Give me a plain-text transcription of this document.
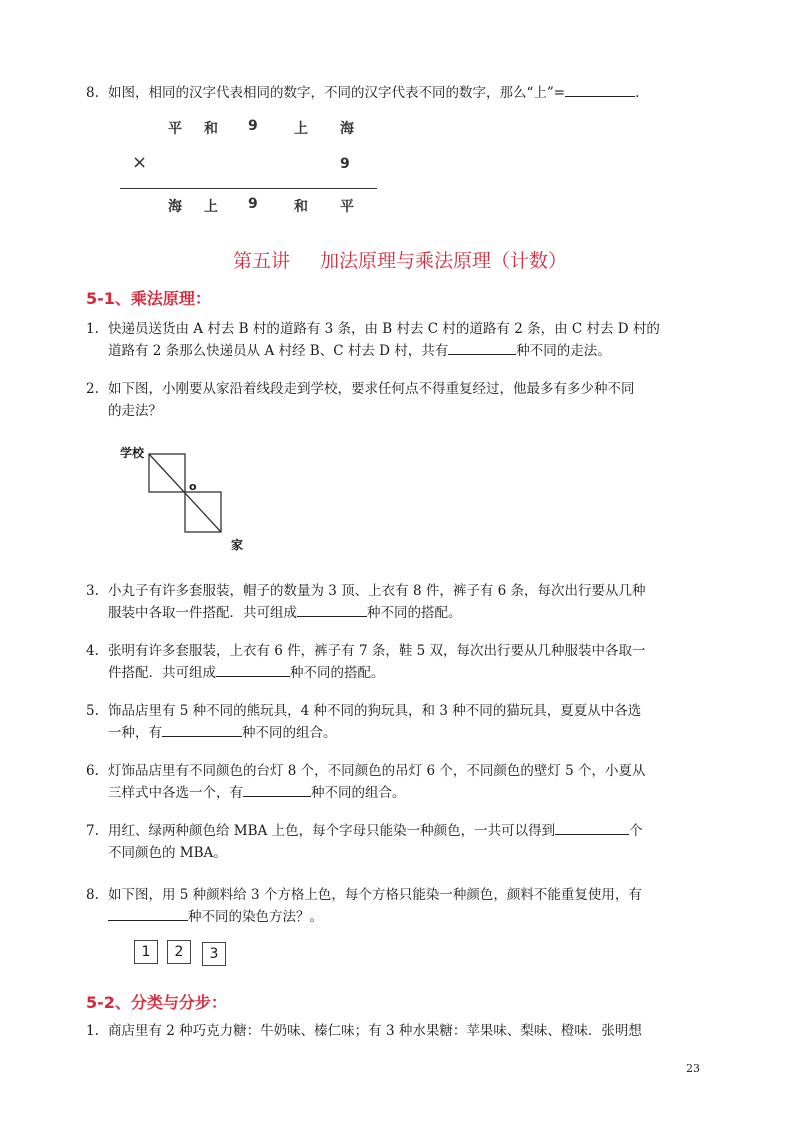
8. 如图，相同的汉字代表相同的数字，不同的汉字代表不同的数字，那么“上”=	.
平 和 9	上 海
×	9
海 上 9	和 平
第五讲 加法原理与乘法原理（计数）
5-1、乘法原理：
1. 快递员送货由 A 村去 B 村的道路有 3 条，由 B 村去 C 村的道路有 2 条，由 C 村去 D 村的
道路有 2 条那么快递员从 A 村经 B、C 村去 D 村，共有	种不同的走法。
2. 如下图，小刚要从家沿着线段走到学校，要求任何点不得重复经过，他最多有多少种不同
的走法？
学校
o
家
3. 小丸子有许多套服装，帽子的数量为 3 顶、上衣有 8 件，裤子有 6 条，每次出行要从几种
服装中各取一件搭配．共可组成	种不同的搭配。
4. 张明有许多套服装，上衣有 6 件，裤子有 7 条，鞋 5 双，每次出行要从几种服装中各取一
件搭配．共可组成	种不同的搭配。
5. 饰品店里有 5 种不同的熊玩具，4 种不同的狗玩具，和 3 种不同的猫玩具，夏夏从中各选
一种，有	种不同的组合。
6. 灯饰品店里有不同颜色的台灯 8 个，不同颜色的吊灯 6 个，不同颜色的壁灯 5 个，小夏从
三样式中各选一个，有	种不同的组合。
7. 用红、绿两种颜色给 MBA 上色，每个字母只能染一种颜色，一共可以得到	个
不同颜色的 MBA。
8. 如下图，用 5 种颜料给 3 个方格上色，每个方格只能染一种颜色，颜料不能重复使用，有
种不同的染色方法？。
1	2	3
5-2、分类与分步：
1. 商店里有 2 种巧克力糖：牛奶味、榛仁味；有 3 种水果糖：苹果味、梨味、橙味．张明想
23
